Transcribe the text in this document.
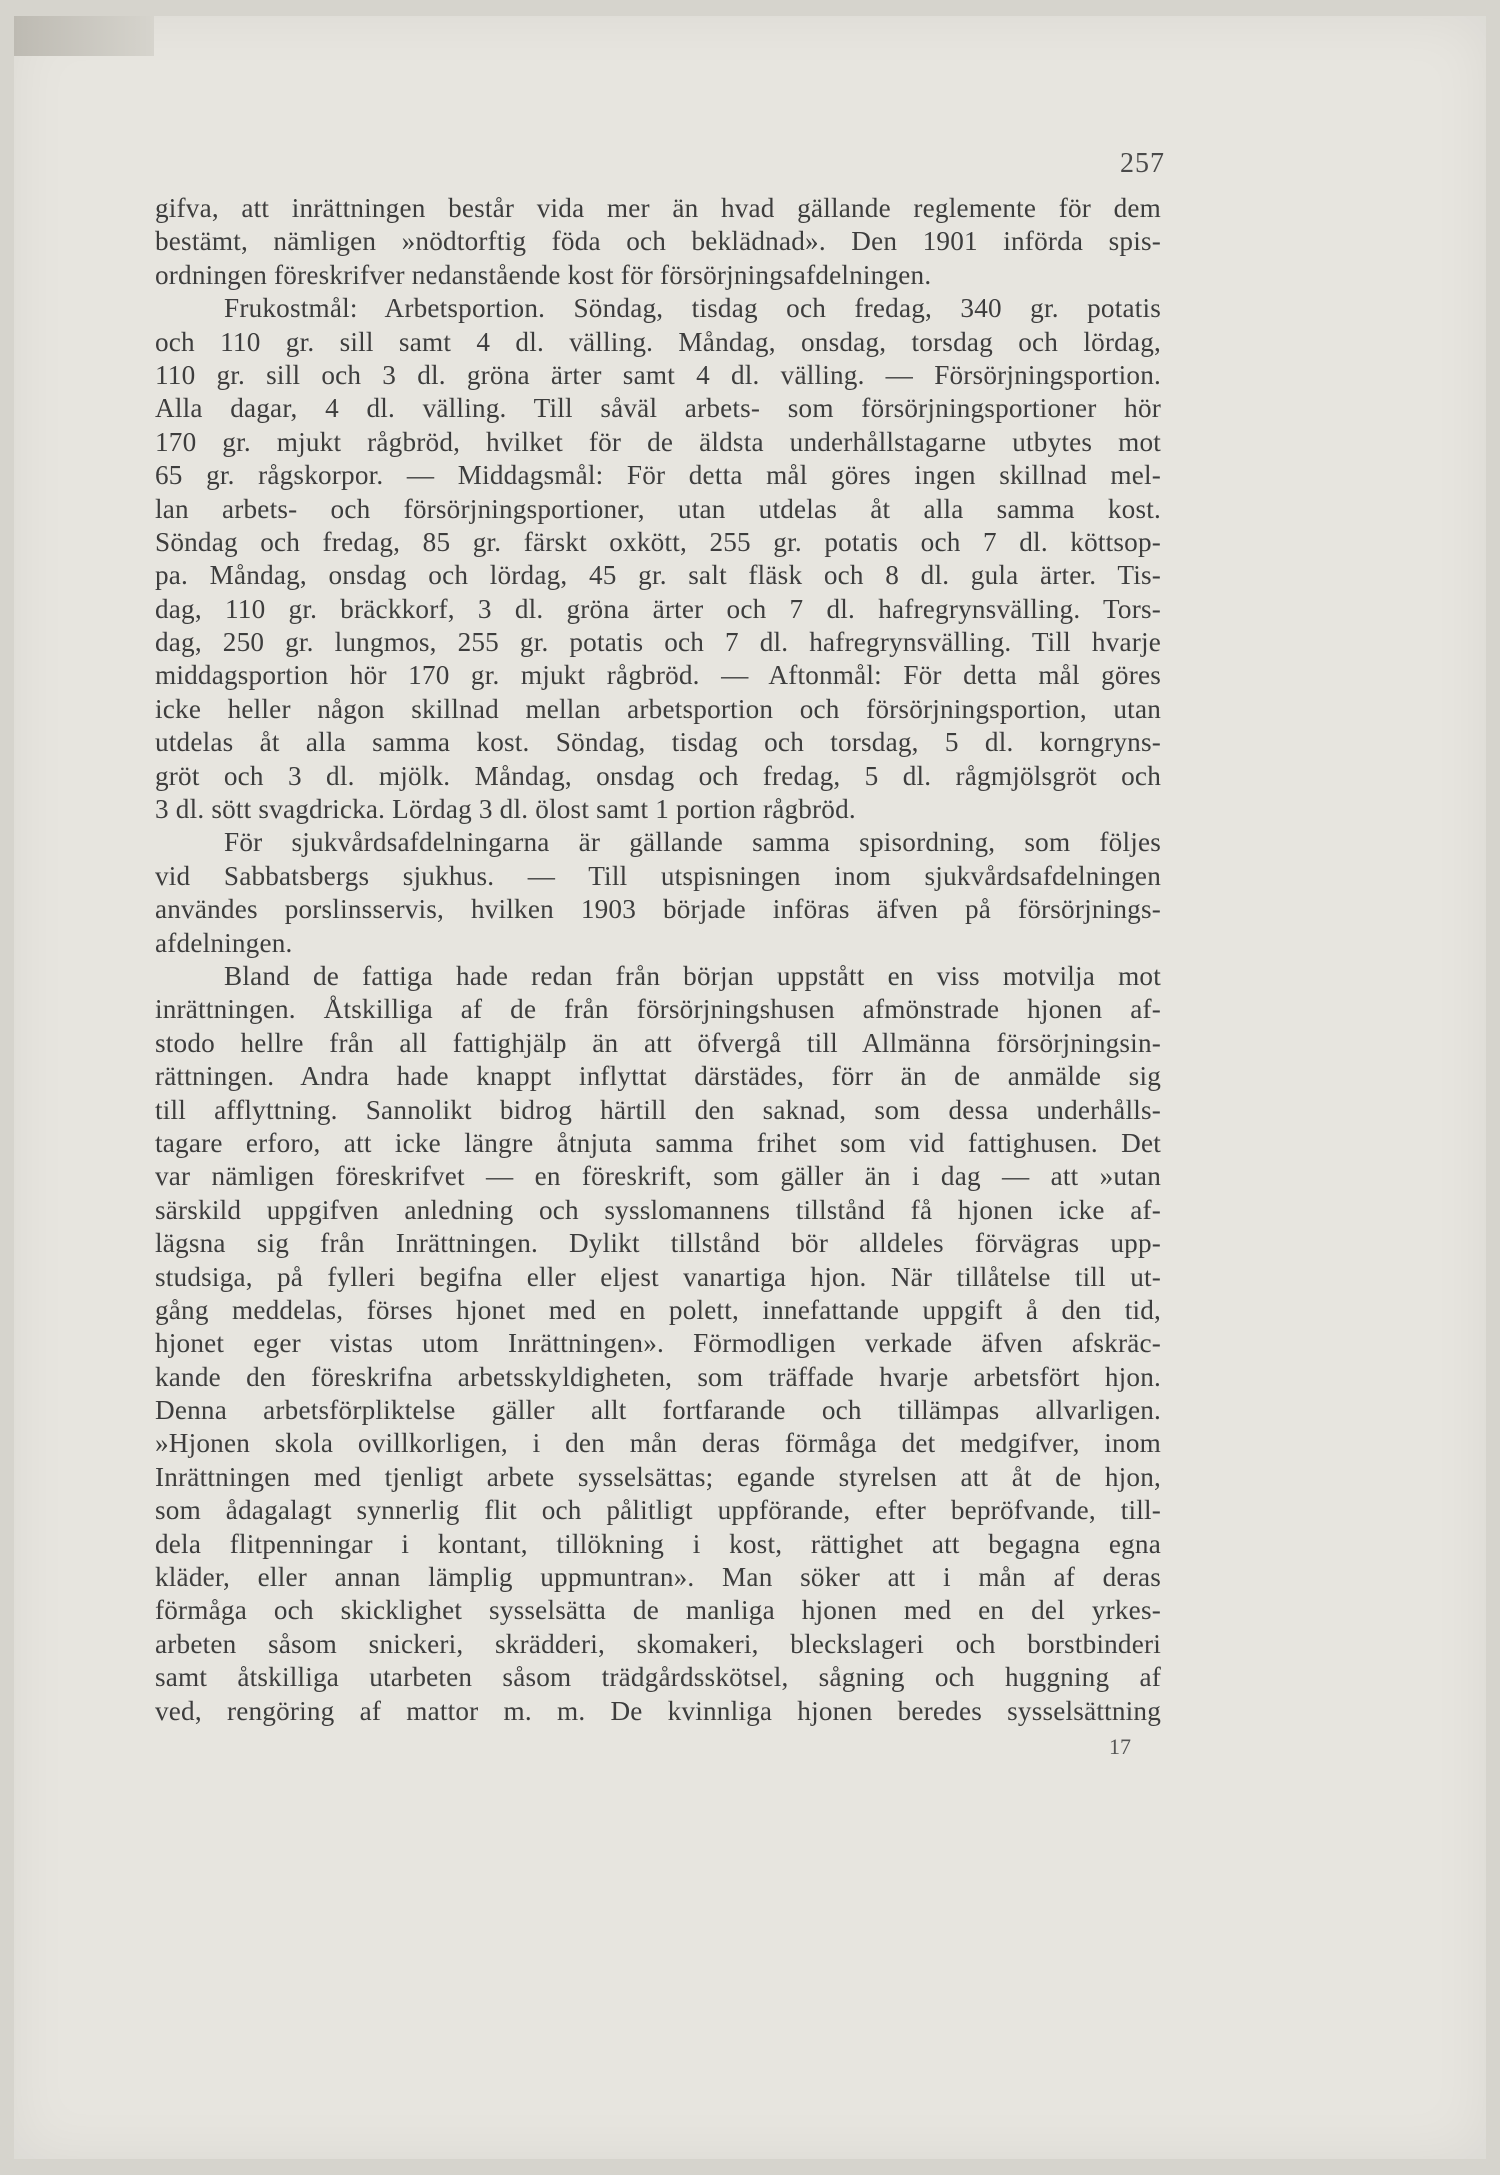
257
gifva, att inrättningen består vida mer än hvad gällande reglemente för dem
bestämt, nämligen »nödtorftig föda och beklädnad». Den 1901 införda spis-
ordningen föreskrifver nedanstående kost för försörjningsafdelningen.
Frukostmål: Arbetsportion. Söndag, tisdag och fredag, 340 gr. potatis
och 110 gr. sill samt 4 dl. välling. Måndag, onsdag, torsdag och lördag,
110 gr. sill och 3 dl. gröna ärter samt 4 dl. välling. — Försörjningsportion.
Alla dagar, 4 dl. välling. Till såväl arbets- som försörjningsportioner hör
170 gr. mjukt rågbröd, hvilket för de äldsta underhållstagarne utbytes mot
65 gr. rågskorpor. — Middagsmål: För detta mål göres ingen skillnad mel-
lan arbets- och försörjningsportioner, utan utdelas åt alla samma kost.
Söndag och fredag, 85 gr. färskt oxkött, 255 gr. potatis och 7 dl. köttsop-
pa. Måndag, onsdag och lördag, 45 gr. salt fläsk och 8 dl. gula ärter. Tis-
dag, 110 gr. bräckkorf, 3 dl. gröna ärter och 7 dl. hafregrynsvälling. Tors-
dag, 250 gr. lungmos, 255 gr. potatis och 7 dl. hafregrynsvälling. Till hvarje
middagsportion hör 170 gr. mjukt rågbröd. — Aftonmål: För detta mål göres
icke heller någon skillnad mellan arbetsportion och försörjningsportion, utan
utdelas åt alla samma kost. Söndag, tisdag och torsdag, 5 dl. korngryns-
gröt och 3 dl. mjölk. Måndag, onsdag och fredag, 5 dl. rågmjölsgröt och
3 dl. sött svagdricka. Lördag 3 dl. ölost samt 1 portion rågbröd.
För sjukvårdsafdelningarna är gällande samma spisordning, som följes
vid Sabbatsbergs sjukhus. — Till utspisningen inom sjukvårdsafdelningen
användes porslinsservis, hvilken 1903 började införas äfven på försörjnings-
afdelningen.
Bland de fattiga hade redan från början uppstått en viss motvilja mot
inrättningen. Åtskilliga af de från försörjningshusen afmönstrade hjonen af-
stodo hellre från all fattighjälp än att öfvergå till Allmänna försörjningsin-
rättningen. Andra hade knappt inflyttat därstädes, förr än de anmälde sig
till afflyttning. Sannolikt bidrog härtill den saknad, som dessa underhålls-
tagare erforo, att icke längre åtnjuta samma frihet som vid fattighusen. Det
var nämligen föreskrifvet — en föreskrift, som gäller än i dag — att »utan
särskild uppgifven anledning och sysslomannens tillstånd få hjonen icke af-
lägsna sig från Inrättningen. Dylikt tillstånd bör alldeles förvägras upp-
studsiga, på fylleri begifna eller eljest vanartiga hjon. När tillåtelse till ut-
gång meddelas, förses hjonet med en polett, innefattande uppgift å den tid,
hjonet eger vistas utom Inrättningen». Förmodligen verkade äfven afskräc-
kande den föreskrifna arbetsskyldigheten, som träffade hvarje arbetsfört hjon.
Denna arbetsförpliktelse gäller allt fortfarande och tillämpas allvarligen.
»Hjonen skola ovillkorligen, i den mån deras förmåga det medgifver, inom
Inrättningen med tjenligt arbete sysselsättas; egande styrelsen att åt de hjon,
som ådagalagt synnerlig flit och pålitligt uppförande, efter bepröfvande, till-
dela flitpenningar i kontant, tillökning i kost, rättighet att begagna egna
kläder, eller annan lämplig uppmuntran». Man söker att i mån af deras
förmåga och skicklighet sysselsätta de manliga hjonen med en del yrkes-
arbeten såsom snickeri, skrädderi, skomakeri, bleckslageri och borstbinderi
samt åtskilliga utarbeten såsom trädgårdsskötsel, sågning och huggning af
ved, rengöring af mattor m. m. De kvinnliga hjonen beredes sysselsättning
17
